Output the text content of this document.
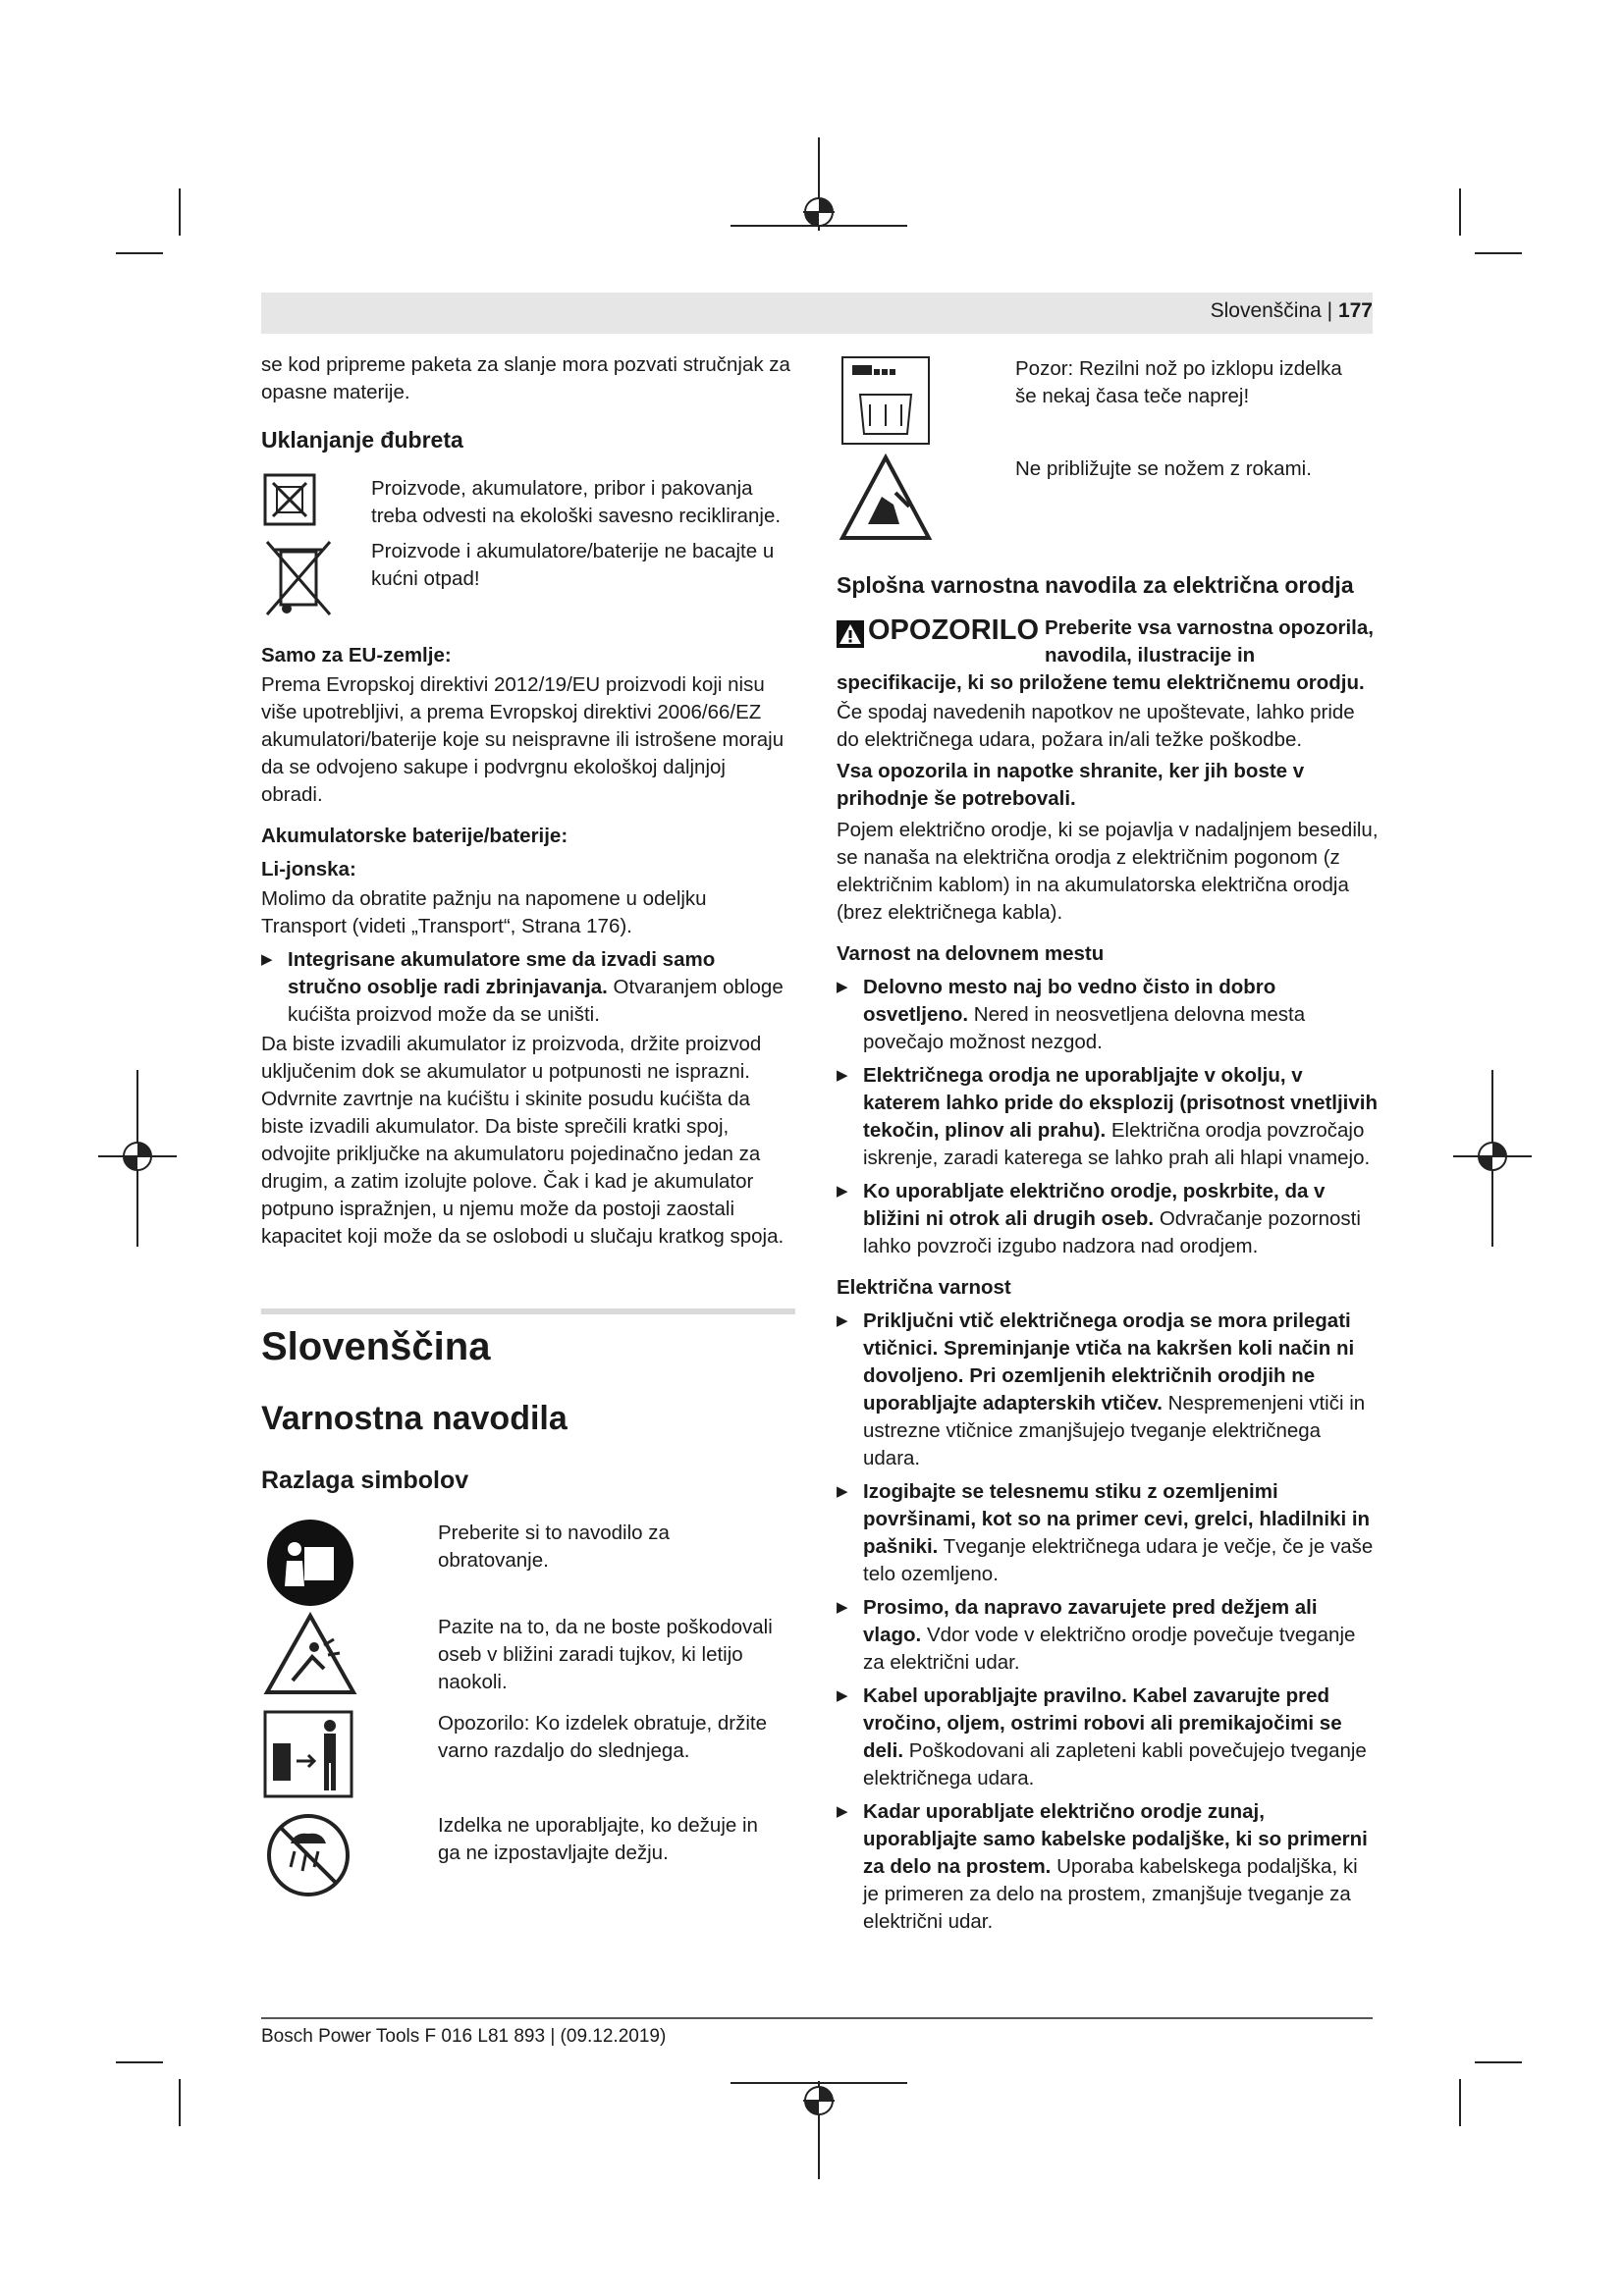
Slovenščina | 177

se kod pripreme paketa za slanje mora pozvati stručnjak za opasne materije.

Uklanjanje đubreta

Proizvode, akumulatore, pribor i pakovanja treba odvesti na ekološki savesno recikliranje.

Proizvode i akumulatore/baterije ne bacajte u kućni otpad!

Samo za EU-zemlje:

Prema Evropskoj direktivi 2012/19/EU proizvodi koji nisu više upotrebljivi, a prema Evropskoj direktivi 2006/66/EZ akumulatori/baterije koje su neispravne ili istrošene moraju da se odvojeno sakupe i podvrgnu ekološkoj daljnjoj obradi.

Akumulatorske baterije/baterije:
Li-jonska:

Molimo da obratite pažnju na napomene u odeljku Transport (videti „Transport“, Strana 176).

▶ Integrisane akumulatore sme da izvadi samo stručno osoblje radi zbrinjavanja. Otvaranjem obloge kućišta proizvod može da se uništi.

Da biste izvadili akumulator iz proizvoda, držite proizvod uključenim dok se akumulator u potpunosti ne isprazni. Odvrnite zavrtnje na kućištu i skinite posudu kućišta da biste izvadili akumulator. Da biste sprečili kratki spoj, odvojite priključke na akumulatoru pojedinačno jedan za drugim, a zatim izolujte polove. Čak i kad je akumulator potpuno ispražnjen, u njemu može da postoji zaostali kapacitet koji može da se oslobodi u slučaju kratkog spoja.

Slovenščina
Varnostna navodila
Razlaga simbolov

Preberite si to navodilo za obratovanje.

Pazite na to, da ne boste poškodovali oseb v bližini zaradi tujkov, ki letijo naokoli.

Opozorilo: Ko izdelek obratuje, držite varno razdaljo do slednjega.

Izdelka ne uporabljajte, ko dežuje in ga ne izpostavljajte dežju.

Pozor: Rezilni nož po izklopu izdelka še nekaj časa teče naprej!

Ne približujte se nožem z rokami.

Splošna varnostna navodila za električna orodja
OPOZORILO Preberite vsa varnostna opozorila, navodila, ilustracije in

specifikacije, ki so priložene temu električnemu orodju.

Če spodaj navedenih napotkov ne upoštevate, lahko pride do električnega udara, požara in/ali težke poškodbe.

Vsa opozorila in napotke shranite, ker jih boste v prihodnje še potrebovali.

Pojem električno orodje, ki se pojavlja v nadaljnjem besedilu, se nanaša na električna orodja z električnim pogonom (z električnim kablom) in na akumulatorska električna orodja (brez električnega kabla).

Varnost na delovnem mestu
▶ Delovno mesto naj bo vedno čisto in dobro osvetljeno. Nered in neosvetljena delovna mesta povečajo možnost nezgod.
▶ Električnega orodja ne uporabljajte v okolju, v katerem lahko pride do eksplozij (prisotnost vnetljivih tekočin, plinov ali prahu). Električna orodja povzročajo iskrenje, zaradi katerega se lahko prah ali hlapi vnamejo.
▶ Ko uporabljate električno orodje, poskrbite, da v bližini ni otrok ali drugih oseb. Odvračanje pozornosti lahko povzroči izgubo nadzora nad orodjem.
Električna varnost
▶ Priključni vtič električnega orodja se mora prilegati vtičnici. Spreminjanje vtiča na kakršen koli način ni dovoljeno. Pri ozemljenih električnih orodjih ne uporabljajte adapterskih vtičev. Nespremenjeni vtiči in ustrezne vtičnice zmanjšujejo tveganje električnega udara.
▶ Izogibajte se telesnemu stiku z ozemljenimi površinami, kot so na primer cevi, grelci, hladilniki in pašniki. Tveganje električnega udara je večje, če je vaše telo ozemljeno.
▶ Prosimo, da napravo zavarujete pred dežjem ali vlago. Vdor vode v električno orodje povečuje tveganje za električni udar.
▶ Kabel uporabljajte pravilno. Kabel zavarujte pred vročino, oljem, ostrimi robovi ali premikajočimi se deli. Poškodovani ali zapleteni kabli povečujejo tveganje električnega udara.
▶ Kadar uporabljate električno orodje zunaj, uporabljajte samo kabelske podaljške, ki so primerni za delo na prostem. Uporaba kabelskega podaljška, ki je primeren za delo na prostem, zmanjšuje tveganje za električni udar.
Bosch Power Tools F 016 L81 893 | (09.12.2019)
